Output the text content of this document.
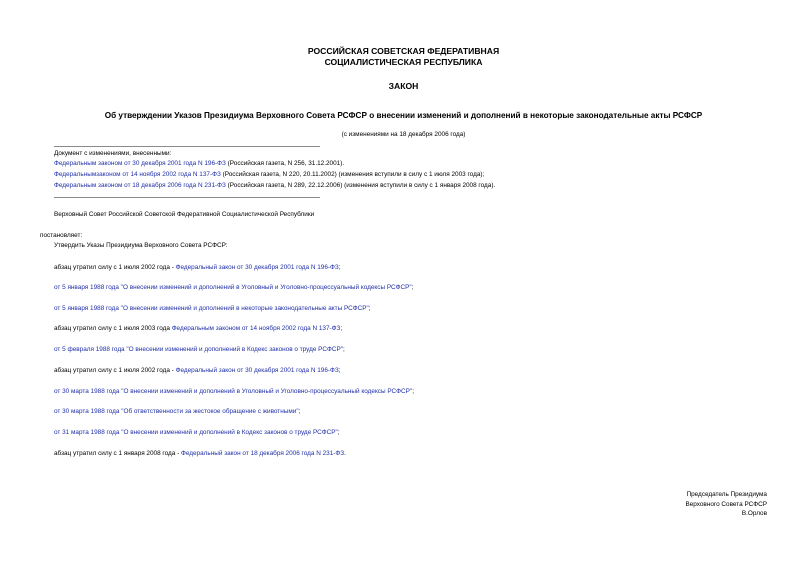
РОССИЙСКАЯ СОВЕТСКАЯ ФЕДЕРАТИВНАЯ
СОЦИАЛИСТИЧЕСКАЯ РЕСПУБЛИКА
ЗАКОН
Об утверждении Указов Президиума Верховного Совета РСФСР о внесении изменений и дополнений в некоторые законодательные акты РСФСР
(с изменениями на 18 декабря 2006 года)
Документ с изменениями, внесенными:
Федеральным законом от 30 декабря 2001 года N 196-ФЗ (Российская газета, N 256, 31.12.2001).
Федеральнымзаконом от 14 ноября 2002 года N 137-ФЗ (Российская газета, N 220, 20.11.2002) (изменения вступили в силу с 1 июля 2003 года);
Федеральным законом от 18 декабря 2006 года N 231-ФЗ (Российская газета, N 289, 22.12.2006) (изменения вступили в силу с 1 января 2008 года).
Верховный Совет Российской Советской Федеративной Социалистической Республики
постановляет:
Утвердить Указы Президиума Верховного Совета РСФСР:
абзац утратил силу с 1 июля 2002 года - Федеральный закон от 30 декабря 2001 года N 196-ФЗ;
от 5 января 1988 года "О внесении изменений и дополнений в Уголовный и Уголовно-процессуальный кодексы РСФСР";
от 5 января 1988 года "О внесении изменений и дополнений в некоторые законодательные акты РСФСР";
абзац утратил силу с 1 июля 2003 года Федеральным законом от 14 ноября 2002 года N 137-ФЗ;
от 5 февраля 1988 года "О внесении изменений и дополнений в Кодекс законов о труде РСФСР";
абзац утратил силу с 1 июля 2002 года - Федеральный закон от 30 декабря 2001 года N 196-ФЗ;
от 30 марта 1988 года "О внесении изменений и дополнений в Уголовный и Уголовно-процессуальный кодексы РСФСР";
от 30 марта 1988 года "Об ответственности за жестокое обращение с животными";
от 31 марта 1988 года "О внесении изменений и дополнений в Кодекс законов о труде РСФСР";
абзац утратил силу с 1 января 2008 года - Федеральный закон от 18 декабря 2006 года N 231-ФЗ.
Председатель Президиума
Верховного Совета РСФСР
В.Орлов
